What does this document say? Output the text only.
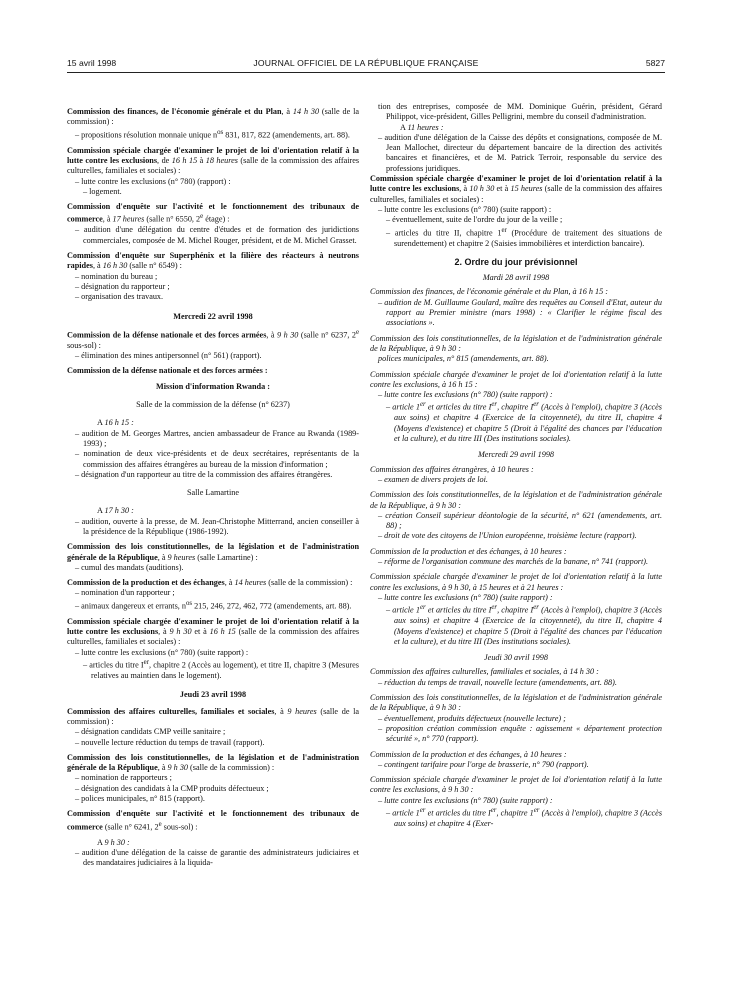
15 avril 1998	JOURNAL OFFICIEL DE LA RÉPUBLIQUE FRANÇAISE	5827
Commission des finances, de l'économie générale et du Plan, à 14 h 30 (salle de la commission) :
– propositions résolution monnaie unique $n^{os}$ 831, 817, 822 (amendements, art. 88).
Commission spéciale chargée d'examiner le projet de loi d'orientation relatif à la lutte contre les exclusions, de 16 h 15 à 18 heures (salle de la commission des affaires culturelles, familiales et sociales) :
– lutte contre les exclusions (n° 780) (rapport) :
– logement.
Commission d'enquête sur l'activité et le fonctionnement des tribunaux de commerce, à 17 heures (salle n° 6550, 2e étage) :
– audition d'une délégation du centre d'études et de formation des juridictions commerciales, composée de M. Michel Rouger, président, et de M. Michel Grasset.
Commission d'enquête sur Superphénix et la filière des réacteurs à neutrons rapides, à 16 h 30 (salle n° 6549) :
– nomination du bureau ;
– désignation du rapporteur ;
– organisation des travaux.
Mercredi 22 avril 1998
Commission de la défense nationale et des forces armées, à 9 h 30 (salle n° 6237, 2e sous-sol) :
– élimination des mines antipersonnel (n° 561) (rapport).
Commission de la défense nationale et des forces armées :
Mission d'information Rwanda :
Salle de la commission de la défense (n° 6237)
A 16 h 15 :
– audition de M. Georges Martres, ancien ambassadeur de France au Rwanda (1989-1993) ;
– nomination de deux vice-présidents et de deux secrétaires, représentants de la commission des affaires étrangères au bureau de la mission d'information ;
– désignation d'un rapporteur au titre de la commission des affaires étrangères.
Salle Lamartine
A 17 h 30 :
– audition, ouverte à la presse, de M. Jean-Christophe Mitterrand, ancien conseiller à la présidence de la République (1986-1992).
Commission des lois constitutionnelles, de la législation et de l'administration générale de la République, à 9 heures (salle Lamartine) :
– cumul des mandats (auditions).
Commission de la production et des échanges, à 14 heures (salle de la commission) :
– nomination d'un rapporteur ;
– animaux dangereux et errants, $n^{os}$ 215, 246, 272, 462, 772 (amendements, art. 88).
Commission spéciale chargée d'examiner le projet de loi d'orientation relatif à la lutte contre les exclusions, à 9 h 30 et à 16 h 15 (salle de la commission des affaires culturelles, familiales et sociales) :
– lutte contre les exclusions (n° 780) (suite rapport) :
– articles du titre Ier, chapitre 2 (Accès au logement), et titre II, chapitre 3 (Mesures relatives au maintien dans le logement).
Jeudi 23 avril 1998
Commission des affaires culturelles, familiales et sociales, à 9 heures (salle de la commission) :
– désignation candidats CMP veille sanitaire ;
– nouvelle lecture réduction du temps de travail (rapport).
Commission des lois constitutionnelles, de la législation et de l'administration générale de la République, à 9 h 30 (salle de la commission) :
– nomination de rapporteurs ;
– désignation des candidats à la CMP produits défectueux ;
– polices municipales, n° 815 (rapport).
Commission d'enquête sur l'activité et le fonctionnement des tribunaux de commerce (salle n° 6241, 2e sous-sol) :
A 9 h 30 :
– audition d'une délégation de la caisse de garantie des administrateurs judiciaires et des mandataires judiciaires à la liquida-
tion des entreprises, composée de MM. Dominique Guérin, président, Gérard Philippot, vice-président, Gilles Pelligrini, membre du conseil d'administration.
A 11 heures :
– audition d'une délégation de la Caisse des dépôts et consignations, composée de M. Jean Mallochet, directeur du département bancaire de la direction des activités bancaires et financières, et de M. Patrick Terroir, responsable du service des professions juridiques.
Commission spéciale chargée d'examiner le projet de loi d'orientation relatif à la lutte contre les exclusions, à 10 h 30 et à 15 heures (salle de la commission des affaires culturelles, familiales et sociales) :
– lutte contre les exclusions (n° 780) (suite rapport) :
– éventuellement, suite de l'ordre du jour de la veille ;
– articles du titre II, chapitre 1er (Procédure de traitement des situations de surendettement) et chapitre 2 (Saisies immobilières et interdiction bancaire).
2. Ordre du jour prévisionnel
Mardi 28 avril 1998
Commission des finances, de l'économie générale et du Plan, à 16 h 15 :
– audition de M. Guillaume Goulard, maître des requêtes au Conseil d'Etat, auteur du rapport au Premier ministre (mars 1998) : « Clarifier le régime fiscal des associations ».
Commission des lois constitutionnelles, de la législation et de l'administration générale de la République, à 9 h 30 :
polices municipales, n° 815 (amendements, art. 88).
Commission spéciale chargée d'examiner le projet de loi d'orientation relatif à la lutte contre les exclusions, à 16 h 15 :
– lutte contre les exclusions (n° 780) (suite rapport) :
– article 1er et articles du titre Ier, chapitre Ier (Accès à l'emploi), chapitre 3 (Accès aux soins) et chapitre 4 (Exercice de la citoyenneté), du titre II, chapitre 4 (Moyens d'existence) et chapitre 5 (Droit à l'égalité des chances par l'éducation et la culture), et du titre III (Des institutions sociales).
Mercredi 29 avril 1998
Commission des affaires étrangères, à 10 heures :
– examen de divers projets de loi.
Commission des lois constitutionnelles, de la législation et de l'administration générale de la République, à 9 h 30 :
– création Conseil supérieur déontologie de la sécurité, n° 621 (amendements, art. 88) ;
– droit de vote des citoyens de l'Union européenne, troisième lecture (rapport).
Commission de la production et des échanges, à 10 heures :
– réforme de l'organisation commune des marchés de la banane, n° 741 (rapport).
Commission spéciale chargée d'examiner le projet de loi d'orientation relatif à la lutte contre les exclusions, à 9 h 30, à 15 heures et à 21 heures :
– lutte contre les exclusions (n° 780) (suite rapport) :
– article 1er et articles du titre Ier, chapitre Ier (Accès à l'emploi), chapitre 3 (Accès aux soins) et chapitre 4 (Exercice de la citoyenneté), du titre II, chapitre 4 (Moyens d'existence) et chapitre 5 (Droit à l'égalité des chances par l'éducation et la culture), et du titre III (Des institutions sociales).
Jeudi 30 avril 1998
Commission des affaires culturelles, familiales et sociales, à 14 h 30 :
– réduction du temps de travail, nouvelle lecture (amendements, art. 88).
Commission des lois constitutionnelles, de la législation et de l'administration générale de la République, à 9 h 30 :
– éventuellement, produits défectueux (nouvelle lecture) ;
– proposition création commission enquête : agissement « département protection sécurité », n° 770 (rapport).
Commission de la production et des échanges, à 10 heures :
– contingent tarifaire pour l'orge de brasserie, n° 790 (rapport).
Commission spéciale chargée d'examiner le projet de loi d'orientation relatif à la lutte contre les exclusions, à 9 h 30 :
– lutte contre les exclusions (n° 780) (suite rapport) :
– article 1er et articles du titre Ier, chapitre 1er (Accès à l'emploi), chapitre 3 (Accès aux soins) et chapitre 4 (Exer-
